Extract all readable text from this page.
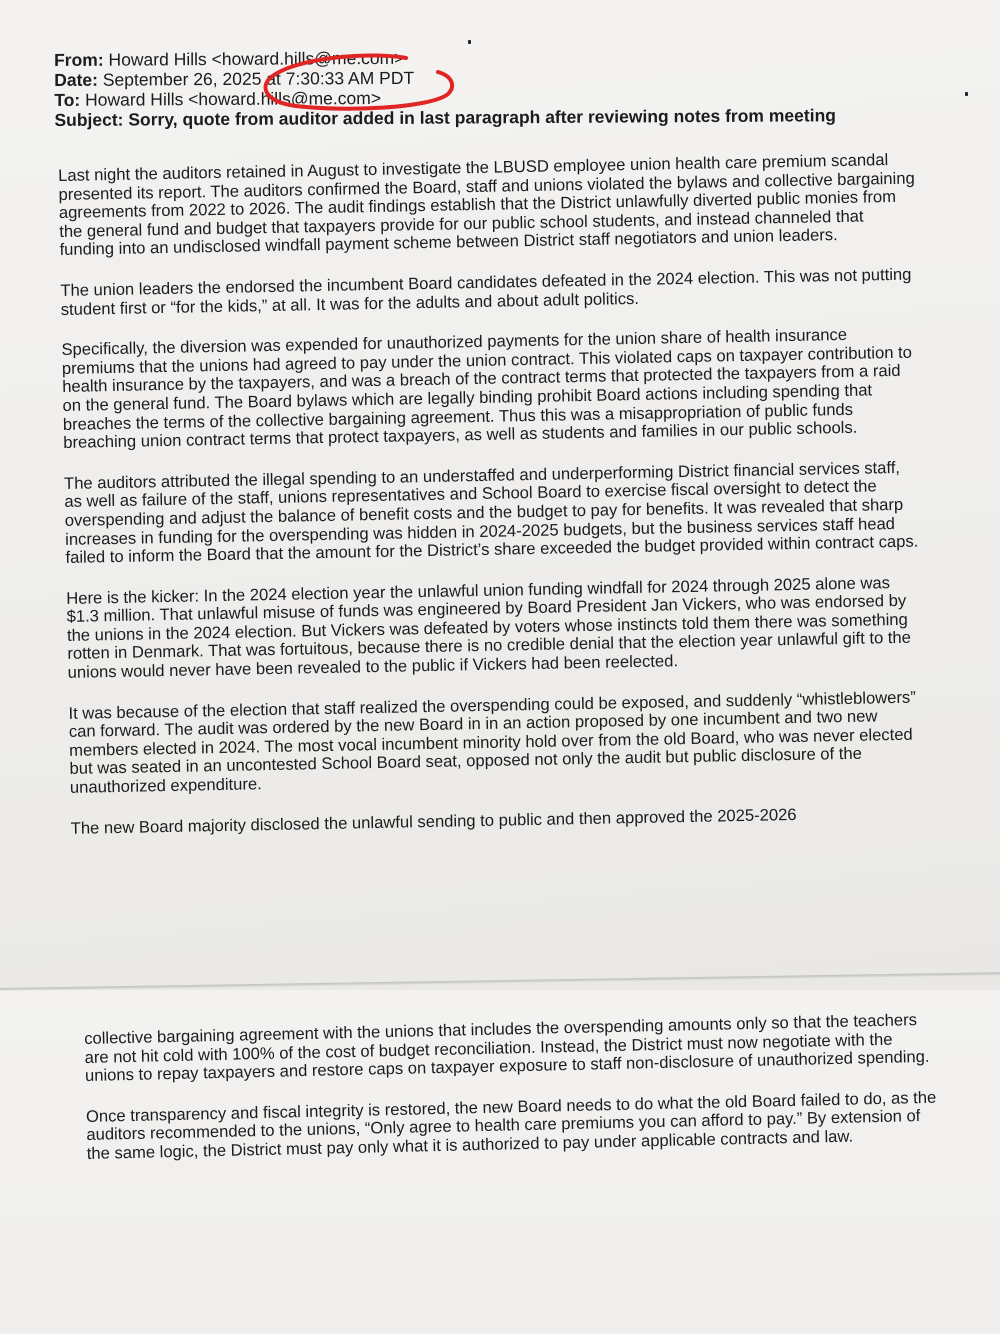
From: Howard Hills <howard.hills@me.com>
Date: September 26, 2025 at 7:30:33 AM PDT
To: Howard Hills <howard.hills@me.com>
Subject: Sorry, quote from auditor added in last paragraph after reviewing notes from meeting

Last night the auditors retained in August to investigate the LBUSD employee union health care premium scandal presented its report. The auditors confirmed the Board, staff and unions violated the bylaws and collective bargaining agreements from 2022 to 2026. The audit findings establish that the District unlawfully diverted public monies from the general fund and budget that taxpayers provide for our public school students, and instead channeled that funding into an undisclosed windfall payment scheme between District staff negotiators and union leaders.

The union leaders the endorsed the incumbent Board candidates defeated in the 2024 election. This was not putting student first or “for the kids,” at all. It was for the adults and about adult politics.

Specifically, the diversion was expended for unauthorized payments for the union share of health insurance premiums that the unions had agreed to pay under the union contract. This violated caps on taxpayer contribution to health insurance by the taxpayers, and was a breach of the contract terms that protected the taxpayers from a raid on the general fund. The Board bylaws which are legally binding prohibit Board actions including spending that breaches the terms of the collective bargaining agreement. Thus this was a misappropriation of public funds breaching union contract terms that protect taxpayers, as well as students and families in our public schools.

The auditors attributed the illegal spending to an understaffed and underperforming District financial services staff, as well as failure of the staff, unions representatives and School Board to exercise fiscal oversight to detect the overspending and adjust the balance of benefit costs and the budget to pay for benefits. It was revealed that sharp increases in funding for the overspending was hidden in 2024-2025 budgets, but the business services staff head failed to inform the Board that the amount for the District’s share exceeded the budget provided within contract caps.

Here is the kicker: In the 2024 election year the unlawful union funding windfall for 2024 through 2025 alone was $1.3 million. That unlawful misuse of funds was engineered by Board President Jan Vickers, who was endorsed by the unions in the 2024 election. But Vickers was defeated by voters whose instincts told them there was something rotten in Denmark. That was fortuitous, because there is no credible denial that the election year unlawful gift to the unions would never have been revealed to the public if Vickers had been reelected.

It was because of the election that staff realized the overspending could be exposed, and suddenly “whistleblowers” can forward. The audit was ordered by the new Board in in an action proposed by one incumbent and two new members elected in 2024. The most vocal incumbent minority hold over from the old Board, who was never elected but was seated in an uncontested School Board seat, opposed not only the audit but public disclosure of the unauthorized expenditure.

The new Board majority disclosed the unlawful sending to public and then approved the 2025-2026

collective bargaining agreement with the unions that includes the overspending amounts only so that the teachers are not hit cold with 100% of the cost of budget reconciliation. Instead, the District must now negotiate with the unions to repay taxpayers and restore caps on taxpayer exposure to staff non-disclosure of unauthorized spending.

Once transparency and fiscal integrity is restored, the new Board needs to do what the old Board failed to do, as the auditors recommended to the unions, “Only agree to health care premiums you can afford to pay.” By extension of the same logic, the District must pay only what it is authorized to pay under applicable contracts and law.
